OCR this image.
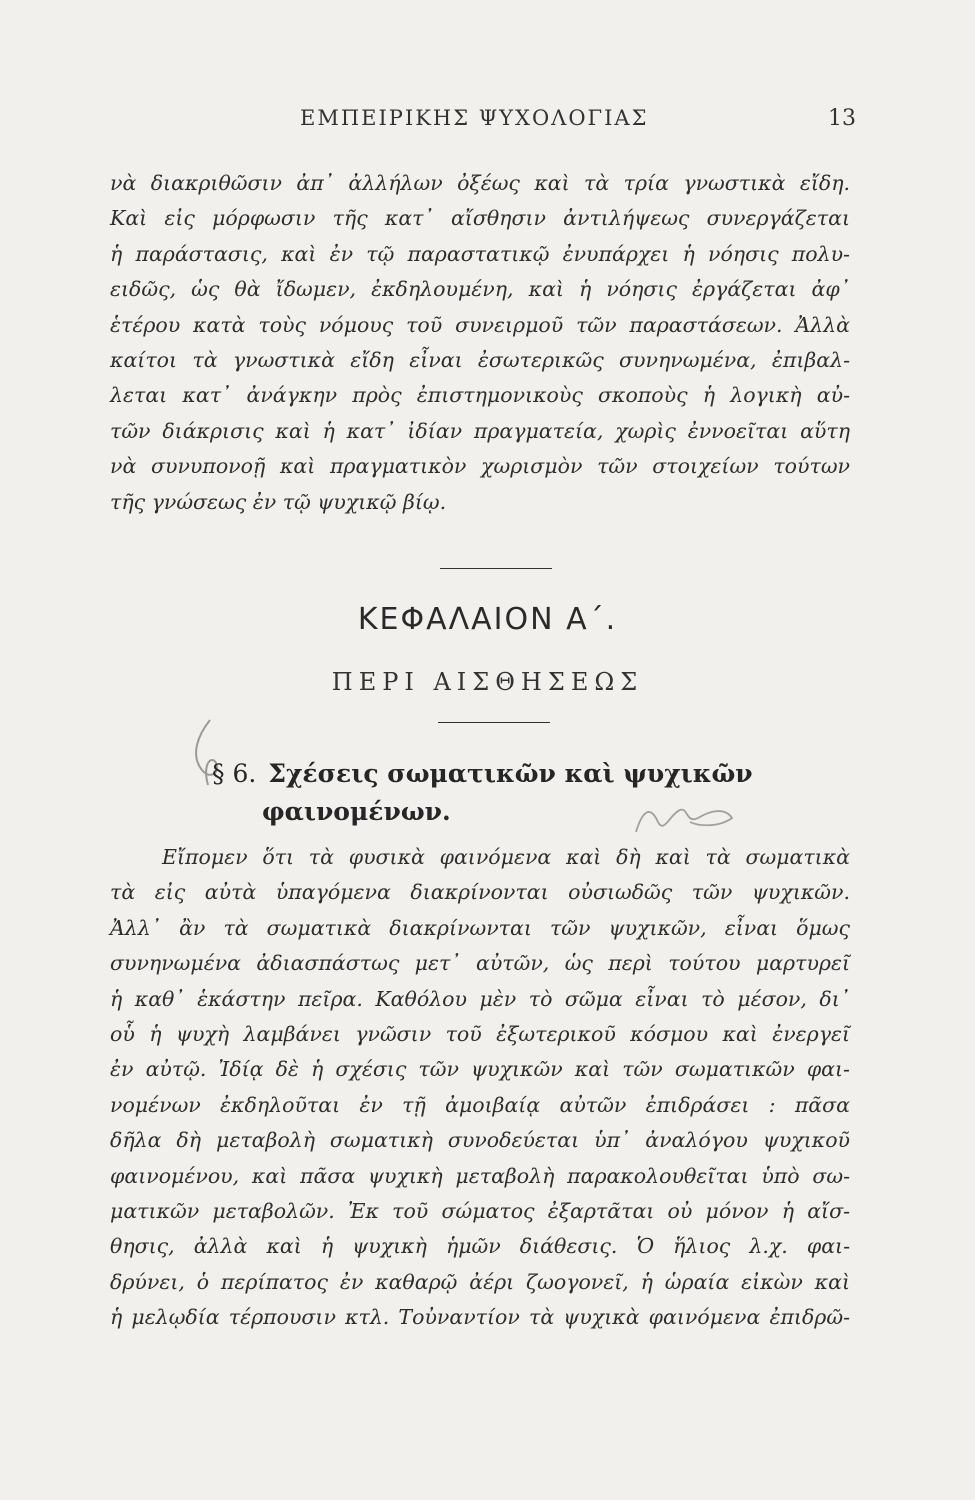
ΕΜΠΕΙΡΙΚΗΣ ΨΥΧΟΛΟΓΙΑΣ	13
νὰ διακριθῶσιν ἀπ᾽ ἀλλήλων ὀξέως καὶ τὰ τρία γνωστικὰ εἴδη.
Καὶ εἰς μόρφωσιν τῆς κατ᾽ αἴσθησιν ἀντιλήψεως συνεργάζεται
ἡ παράστασις, καὶ ἐν τῷ παραστατικῷ ἐνυπάρχει ἡ νόησις πολυ-
ειδῶς, ὡς θὰ ἴδωμεν, ἐκδηλουμένη, καὶ ἡ νόησις ἐργάζεται ἀφ᾽
ἑτέρου κατὰ τοὺς νόμους τοῦ συνειρμοῦ τῶν παραστάσεων. Ἀλλὰ
καίτοι τὰ γνωστικὰ εἴδη εἶναι ἐσωτερικῶς συνηνωμένα, ἐπιβαλ-
λεται κατ᾽ ἀνάγκην πρὸς ἐπιστημονικοὺς σκοποὺς ἡ λογικὴ αὐ-
τῶν διάκρισις καὶ ἡ κατ᾽ ἰδίαν πραγματεία, χωρὶς ἐννοεῖται αὕτη
νὰ συνυπονοῇ καὶ πραγματικὸν χωρισμὸν τῶν στοιχείων τούτων
τῆς γνώσεως ἐν τῷ ψυχικῷ βίῳ.
ΚΕΦΑΛΑΙΟΝ Α΄.
ΠΕΡΙ ΑΙΣΘΗΣΕΩΣ
§ 6. Σχέσεις σωματικῶν καὶ ψυχικῶν
φαινομένων.
Εἴπομεν ὅτι τὰ φυσικὰ φαινόμενα καὶ δὴ καὶ τὰ σωματικὰ
τὰ εἰς αὐτὰ ὑπαγόμενα διακρίνονται οὐσιωδῶς τῶν ψυχικῶν.
Ἀλλ᾽ ἂν τὰ σωματικὰ διακρίνωνται τῶν ψυχικῶν, εἶναι ὅμως
συνηνωμένα ἀδιασπάστως μετ᾽ αὐτῶν, ὡς περὶ τούτου μαρτυρεῖ
ἡ καθ᾽ ἑκάστην πεῖρα. Καθόλου μὲν τὸ σῶμα εἶναι τὸ μέσον, δι᾽
οὗ ἡ ψυχὴ λαμβάνει γνῶσιν τοῦ ἐξωτερικοῦ κόσμου καὶ ἐνεργεῖ
ἐν αὐτῷ. Ἰδίᾳ δὲ ἡ σχέσις τῶν ψυχικῶν καὶ τῶν σωματικῶν φαι-
νομένων ἐκδηλοῦται ἐν τῇ ἀμοιβαίᾳ αὐτῶν ἐπιδράσει : πᾶσα
δῆλα δὴ μεταβολὴ σωματικὴ συνοδεύεται ὑπ᾽ ἀναλόγου ψυχικοῦ
φαινομένου, καὶ πᾶσα ψυχικὴ μεταβολὴ παρακολουθεῖται ὑπὸ σω-
ματικῶν μεταβολῶν. Ἐκ τοῦ σώματος ἐξαρτᾶται οὐ μόνον ἡ αἴσ-
θησις, ἀλλὰ καὶ ἡ ψυχικὴ ἡμῶν διάθεσις. Ὁ ἥλιος λ.χ. φαι-
δρύνει, ὁ περίπατος ἐν καθαρῷ ἀέρι ζωογονεῖ, ἡ ὡραία εἰκὼν καὶ
ἡ μελῳδία τέρπουσιν κτλ. Τοὐναντίον τὰ ψυχικὰ φαινόμενα ἐπιδρῶ-
